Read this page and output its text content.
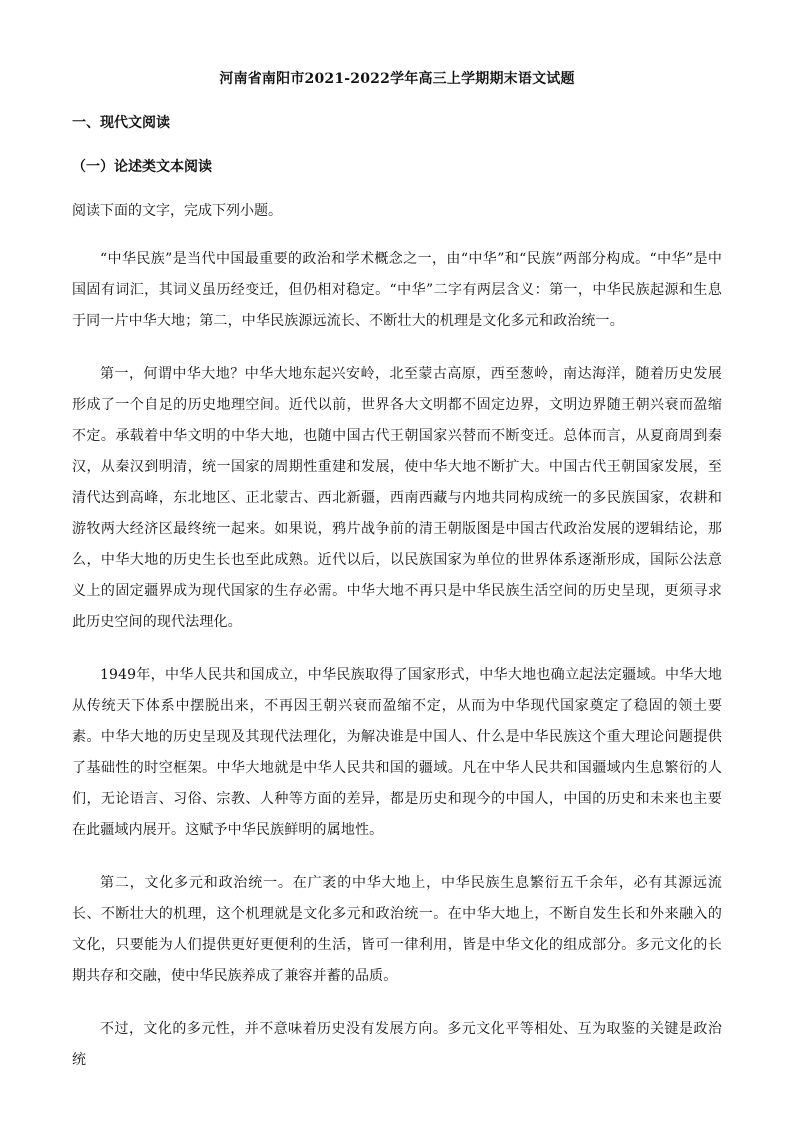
河南省南阳市2021-2022学年高三上学期期末语文试题
一、现代文阅读
（一）论述类文本阅读
阅读下面的文字，完成下列小题。
“中华民族”是当代中国最重要的政治和学术概念之一，由“中华”和“民族”两部分构成。“中华”是中国固有词汇，其词义虽历经变迁，但仍相对稳定。“中华”二字有两层含义：第一，中华民族起源和生息于同一片中华大地；第二，中华民族源远流长、不断壮大的机理是文化多元和政治统一。
第一，何谓中华大地？中华大地东起兴安岭，北至蒙古高原，西至葱岭，南达海洋，随着历史发展形成了一个自足的历史地理空间。近代以前，世界各大文明都不固定边界，文明边界随王朝兴衰而盈缩不定。承载着中华文明的中华大地，也随中国古代王朝国家兴替而不断变迁。总体而言，从夏商周到秦汉，从秦汉到明清，统一国家的周期性重建和发展，使中华大地不断扩大。中国古代王朝国家发展，至清代达到高峰，东北地区、正北蒙古、西北新疆，西南西藏与内地共同构成统一的多民族国家，农耕和游牧两大经济区最终统一起来。如果说，鸦片战争前的清王朝版图是中国古代政治发展的逻辑结论，那么，中华大地的历史生长也至此成熟。近代以后，以民族国家为单位的世界体系逐渐形成，国际公法意义上的固定疆界成为现代国家的生存必需。中华大地不再只是中华民族生活空间的历史呈现，更须寻求此历史空间的现代法理化。
1949年，中华人民共和国成立，中华民族取得了国家形式，中华大地也确立起法定疆域。中华大地从传统天下体系中摆脱出来，不再因王朝兴衰而盈缩不定，从而为中华现代国家奠定了稳固的领土要素。中华大地的历史呈现及其现代法理化，为解决谁是中国人、什么是中华民族这个重大理论问题提供了基础性的时空框架。中华大地就是中华人民共和国的疆域。凡在中华人民共和国疆域内生息繁衍的人们，无论语言、习俗、宗教、人种等方面的差异，都是历史和现今的中国人，中国的历史和未来也主要在此疆域内展开。这赋予中华民族鲜明的属地性。
第二，文化多元和政治统一。在广袤的中华大地上，中华民族生息繁衍五千余年，必有其源远流长、不断壮大的机理，这个机理就是文化多元和政治统一。在中华大地上，不断自发生长和外来融入的文化，只要能为人们提供更好更便利的生活，皆可一律利用，皆是中华文化的组成部分。多元文化的长期共存和交融，使中华民族养成了兼容并蓄的品质。
不过，文化的多元性，并不意味着历史没有发展方向。多元文化平等相处、互为取鉴的关键是政治统
